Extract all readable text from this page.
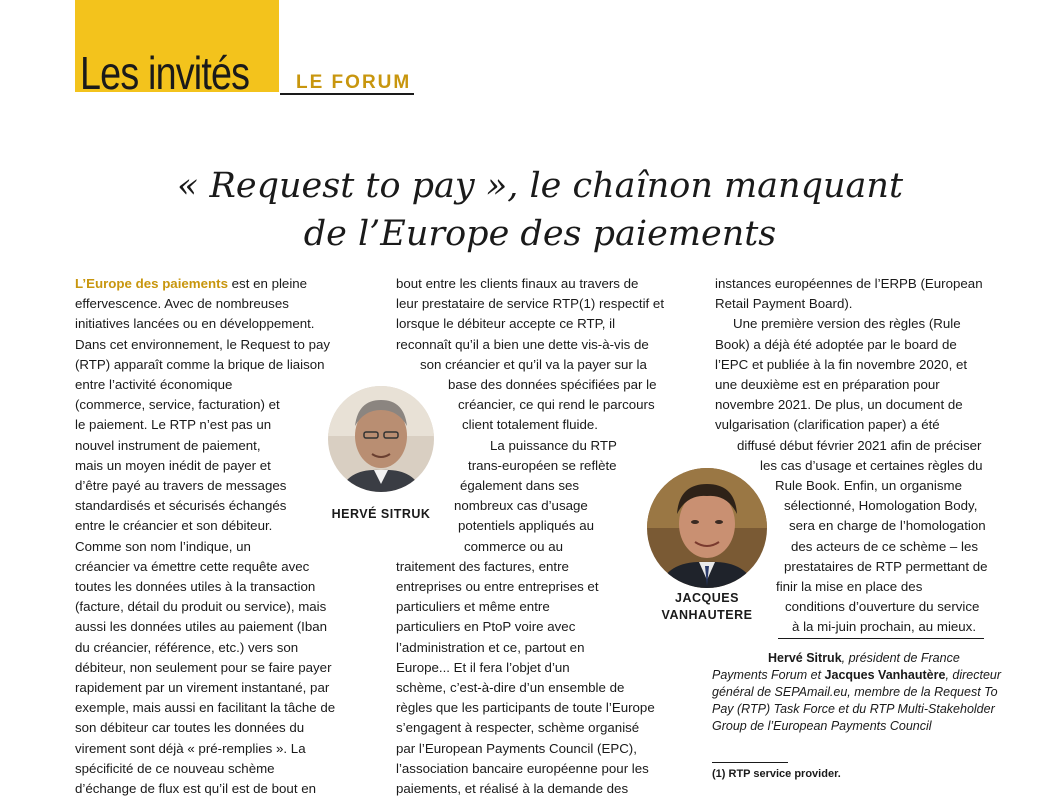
Les invités LE FORUM
« Request to pay », le chaînon manquant
de l’Europe des paiements
L’Europe des paiements est en pleine
effervescence. Avec de nombreuses
initiatives lancées ou en développement.
Dans cet environnement, le Request to pay
(RTP) apparaît comme la brique de liaison
entre l’activité économique
(commerce, service, facturation) et
le paiement. Le RTP n’est pas un
nouvel instrument de paiement,
mais un moyen inédit de payer et
d’être payé au travers de messages
standardisés et sécurisés échangés
entre le créancier et son débiteur.
Comme son nom l’indique, un
créancier va émettre cette requête avec
toutes les données utiles à la transaction
(facture, détail du produit ou service), mais
aussi les données utiles au paiement (Iban
du créancier, référence, etc.) vers son
débiteur, non seulement pour se faire payer
rapidement par un virement instantané, par
exemple, mais aussi en facilitant la tâche de
son débiteur car toutes les données du
virement sont déjà « pré-remplies ». La
spécificité de ce nouveau schème
d’échange de flux est qu’il est de bout en
HERVÉ SITRUK
bout entre les clients finaux au travers de
leur prestataire de service RTP(1) respectif et
lorsque le débiteur accepte ce RTP, il
reconnaît qu’il a bien une dette vis-à-vis de
son créancier et qu’il va la payer sur la
base des données spécifiées par le
créancier, ce qui rend le parcours
client totalement fluide.
La puissance du RTP
trans-européen se reflète
également dans ses
nombreux cas d’usage
potentiels appliqués au
commerce ou au
traitement des factures, entre
entreprises ou entre entreprises et
particuliers et même entre
particuliers en PtoP voire avec
l’administration et ce, partout en
Europe... Et il fera l’objet d’un
schème, c’est-à-dire d’un ensemble de
règles que les participants de toute l’Europe
s’engagent à respecter, schème organisé
par l’European Payments Council (EPC),
l’association bancaire européenne pour les
paiements, et réalisé à la demande des
JACQUES
VANHAUTERE
instances européennes de l’ERPB (European
Retail Payment Board).
Une première version des règles (Rule
Book) a déjà été adoptée par le board de
l’EPC et publiée à la fin novembre 2020, et
une deuxième est en préparation pour
novembre 2021. De plus, un document de
vulgarisation (clarification paper) a été
diffusé début février 2021 afin de préciser
les cas d’usage et certaines règles du
Rule Book. Enfin, un organisme
sélectionné, Homologation Body,
sera en charge de l’homologation
des acteurs de ce schème – les
prestataires de RTP permettant de
finir la mise en place des
conditions d’ouverture du service
à la mi-juin prochain, au mieux.
Hervé Sitruk, président de France
Payments Forum et Jacques Vanhautère, directeur
général de SEPAmail.eu, membre de la Request To
Pay (RTP) Task Force et du RTP Multi-Stakeholder
Group de l’European Payments Council
(1) RTP service provider.
